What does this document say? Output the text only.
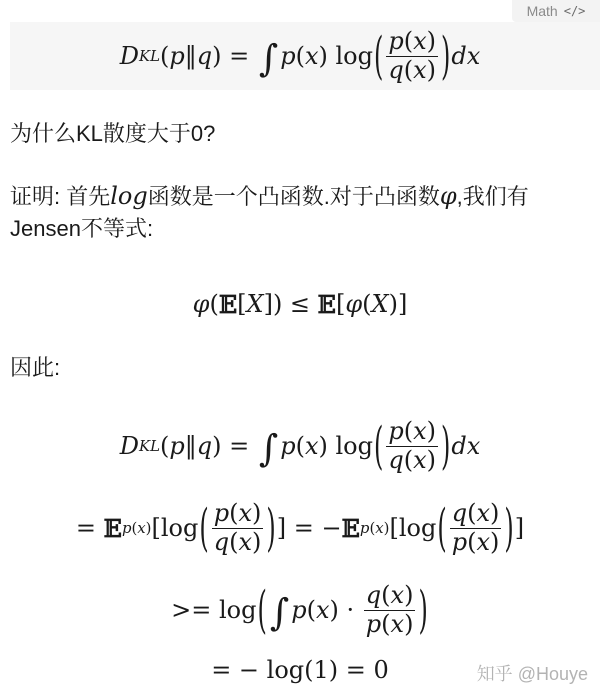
Math </>
D KL ( p ‖ q ) = ∫ p ( x ) log ( $\frac{p(x)}{q(x)}$ ) dx
为什么KL散度大于0?
证明: 首先log函数是一个凸函数.对于凸函数φ,我们有
Jensen不等式:
φ ( 𝔼 [ X ]) ≤ 𝔼 [ φ ( X )]
因此:
D KL ( p ‖ q ) = ∫ p ( x ) log ( $\frac{p(x)}{q(x)}$ ) dx
= 𝔼 p(x) [log ( $\frac{p(x)}{q(x)}$ ) ] = − 𝔼 p(x) [log ( $\frac{q(x)}{p(x)}$ ) ]
>= log ( ∫ p ( x ) · $\frac{q(x)}{p(x)}$ )
= − log(1) = 0	知乎 @Houye
